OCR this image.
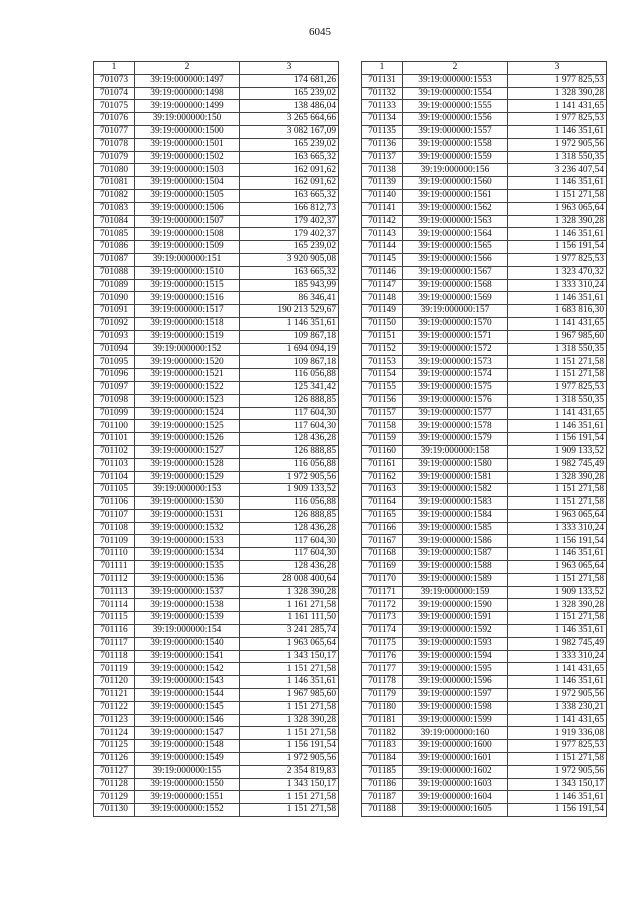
6045
1	2	3
701073	39:19:000000:1497	174 681,26
701074	39:19:000000:1498	165 239,02
701075	39:19:000000:1499	138 486,04
701076	39:19:000000:150	3 265 664,66
701077	39:19:000000:1500	3 082 167,09
701078	39:19:000000:1501	165 239,02
701079	39:19:000000:1502	163 665,32
701080	39:19:000000:1503	162 091,62
701081	39:19:000000:1504	162 091,62
701082	39:19:000000:1505	163 665,32
701083	39:19:000000:1506	166 812,73
701084	39:19:000000:1507	179 402,37
701085	39:19:000000:1508	179 402,37
701086	39:19:000000:1509	165 239,02
701087	39:19:000000:151	3 920 905,08
701088	39:19:000000:1510	163 665,32
701089	39:19:000000:1515	185 943,99
701090	39:19:000000:1516	86 346,41
701091	39:19:000000:1517	190 213 529,67
701092	39:19:000000:1518	1 146 351,61
701093	39:19:000000:1519	109 867,18
701094	39:19:000000:152	1 694 094,19
701095	39:19:000000:1520	109 867,18
701096	39:19:000000:1521	116 056,88
701097	39:19:000000:1522	125 341,42
701098	39:19:000000:1523	126 888,85
701099	39:19:000000:1524	117 604,30
701100	39:19:000000:1525	117 604,30
701101	39:19:000000:1526	128 436,28
701102	39:19:000000:1527	126 888,85
701103	39:19:000000:1528	116 056,88
701104	39:19:000000:1529	1 972 905,56
701105	39:19:000000:153	1 909 133,52
701106	39:19:000000:1530	116 056,88
701107	39:19:000000:1531	126 888,85
701108	39:19:000000:1532	128 436,28
701109	39:19:000000:1533	117 604,30
701110	39:19:000000:1534	117 604,30
701111	39:19:000000:1535	128 436,28
701112	39:19:000000:1536	28 008 400,64
701113	39:19:000000:1537	1 328 390,28
701114	39:19:000000:1538	1 161 271,58
701115	39:19:000000:1539	1 161 111,50
701116	39:19:000000:154	3 241 285,74
701117	39:19:000000:1540	1 963 065,64
701118	39:19:000000:1541	1 343 150,17
701119	39:19:000000:1542	1 151 271,58
701120	39:19:000000:1543	1 146 351,61
701121	39:19:000000:1544	1 967 985,60
701122	39:19:000000:1545	1 151 271,58
701123	39:19:000000:1546	1 328 390,28
701124	39:19:000000:1547	1 151 271,58
701125	39:19:000000:1548	1 156 191,54
701126	39:19:000000:1549	1 972 905,56
701127	39:19:000000:155	2 354 819,83
701128	39:19:000000:1550	1 343 150,17
701129	39:19:000000:1551	1 151 271,58
701130	39:19:000000:1552	1 151 271,58
1	2	3
701131	39:19:000000:1553	1 977 825,53
701132	39:19:000000:1554	1 328 390,28
701133	39:19:000000:1555	1 141 431,65
701134	39:19:000000:1556	1 977 825,53
701135	39:19:000000:1557	1 146 351,61
701136	39:19:000000:1558	1 972 905,56
701137	39:19:000000:1559	1 318 550,35
701138	39:19:000000:156	3 236 407,54
701139	39:19:000000:1560	1 146 351,61
701140	39:19:000000:1561	1 151 271,58
701141	39:19:000000:1562	1 963 065,64
701142	39:19:000000:1563	1 328 390,28
701143	39:19:000000:1564	1 146 351,61
701144	39:19:000000:1565	1 156 191,54
701145	39:19:000000:1566	1 977 825,53
701146	39:19:000000:1567	1 323 470,32
701147	39:19:000000:1568	1 333 310,24
701148	39:19:000000:1569	1 146 351,61
701149	39:19:000000:157	1 683 816,30
701150	39:19:000000:1570	1 141 431,65
701151	39:19:000000:1571	1 967 985,60
701152	39:19:000000:1572	1 318 550,35
701153	39:19:000000:1573	1 151 271,58
701154	39:19:000000:1574	1 151 271,58
701155	39:19:000000:1575	1 977 825,53
701156	39:19:000000:1576	1 318 550,35
701157	39:19:000000:1577	1 141 431,65
701158	39:19:000000:1578	1 146 351,61
701159	39:19:000000:1579	1 156 191,54
701160	39:19:000000:158	1 909 133,52
701161	39:19:000000:1580	1 982 745,49
701162	39:19:000000:1581	1 328 390,28
701163	39:19:000000:1582	1 151 271,58
701164	39:19:000000:1583	1 151 271,58
701165	39:19:000000:1584	1 963 065,64
701166	39:19:000000:1585	1 333 310,24
701167	39:19:000000:1586	1 156 191,54
701168	39:19:000000:1587	1 146 351,61
701169	39:19:000000:1588	1 963 065,64
701170	39:19:000000:1589	1 151 271,58
701171	39:19:000000:159	1 909 133,52
701172	39:19:000000:1590	1 328 390,28
701173	39:19:000000:1591	1 151 271,58
701174	39:19:000000:1592	1 146 351,61
701175	39:19:000000:1593	1 982 745,49
701176	39:19:000000:1594	1 333 310,24
701177	39:19:000000:1595	1 141 431,65
701178	39:19:000000:1596	1 146 351,61
701179	39:19:000000:1597	1 972 905,56
701180	39:19:000000:1598	1 338 230,21
701181	39:19:000000:1599	1 141 431,65
701182	39:19:000000:160	1 919 336,08
701183	39:19:000000:1600	1 977 825,53
701184	39:19:000000:1601	1 151 271,58
701185	39:19:000000:1602	1 972 905,56
701186	39:19:000000:1603	1 343 150,17
701187	39:19:000000:1604	1 146 351,61
701188	39:19:000000:1605	1 156 191,54
